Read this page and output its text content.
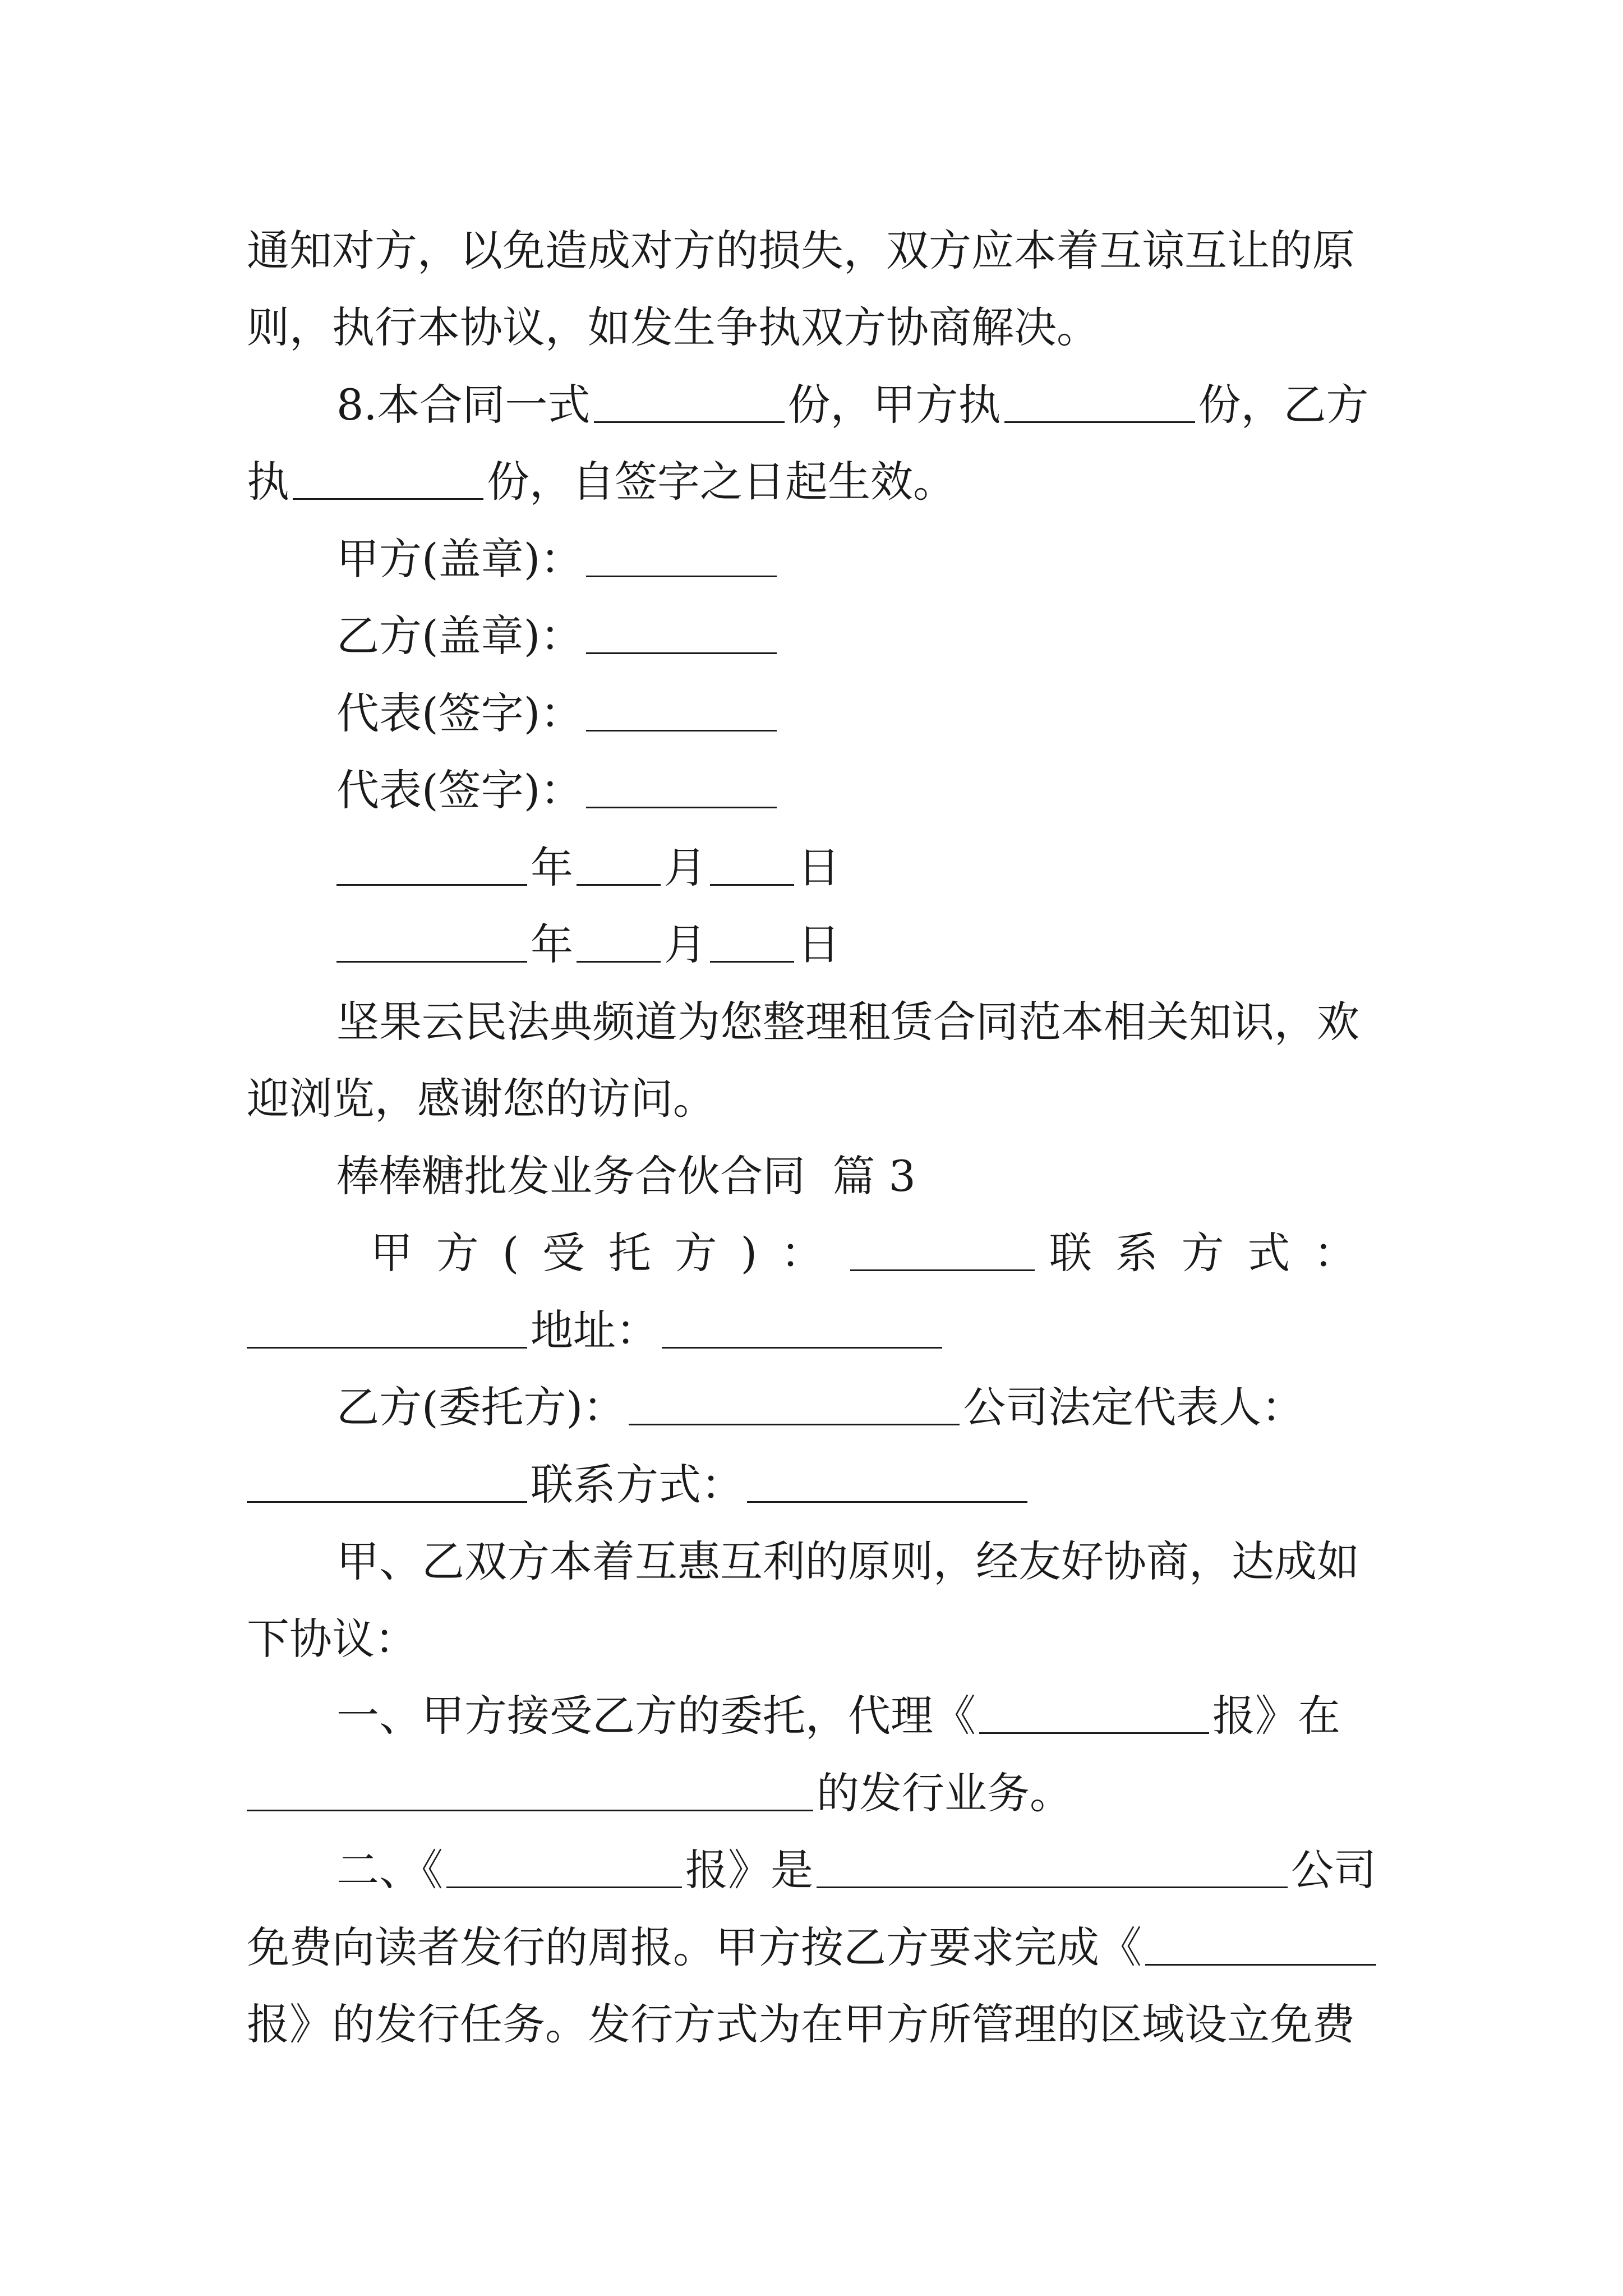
通知对方，以免造成对方的损失，双方应本着互谅互让的原
则，执行本协议，如发生争执双方协商解决。
8.本合同一式	份，甲方执	份，乙方
执	份，自签字之日起生效。
甲方(盖章)：
乙方(盖章)：
代表(签字)：
代表(签字)：
年 月 日
年 月 日
坚果云民法典频道为您整理租赁合同范本相关知识，欢
迎浏览，感谢您的访问。
棒棒糖批发业务合伙合同  篇 3
甲方(受托方)：	联系方式：
地址：
乙方(委托方)：	公司法定代表人：
联系方式：
甲、乙双方本着互惠互利的原则，经友好协商，达成如
下协议：
一、甲方接受乙方的委托，代理《	报》在
的发行业务。
二、《	报》是	公司
免费向读者发行的周报。甲方按乙方要求完成《
报》的发行任务。发行方式为在甲方所管理的区域设立免费
